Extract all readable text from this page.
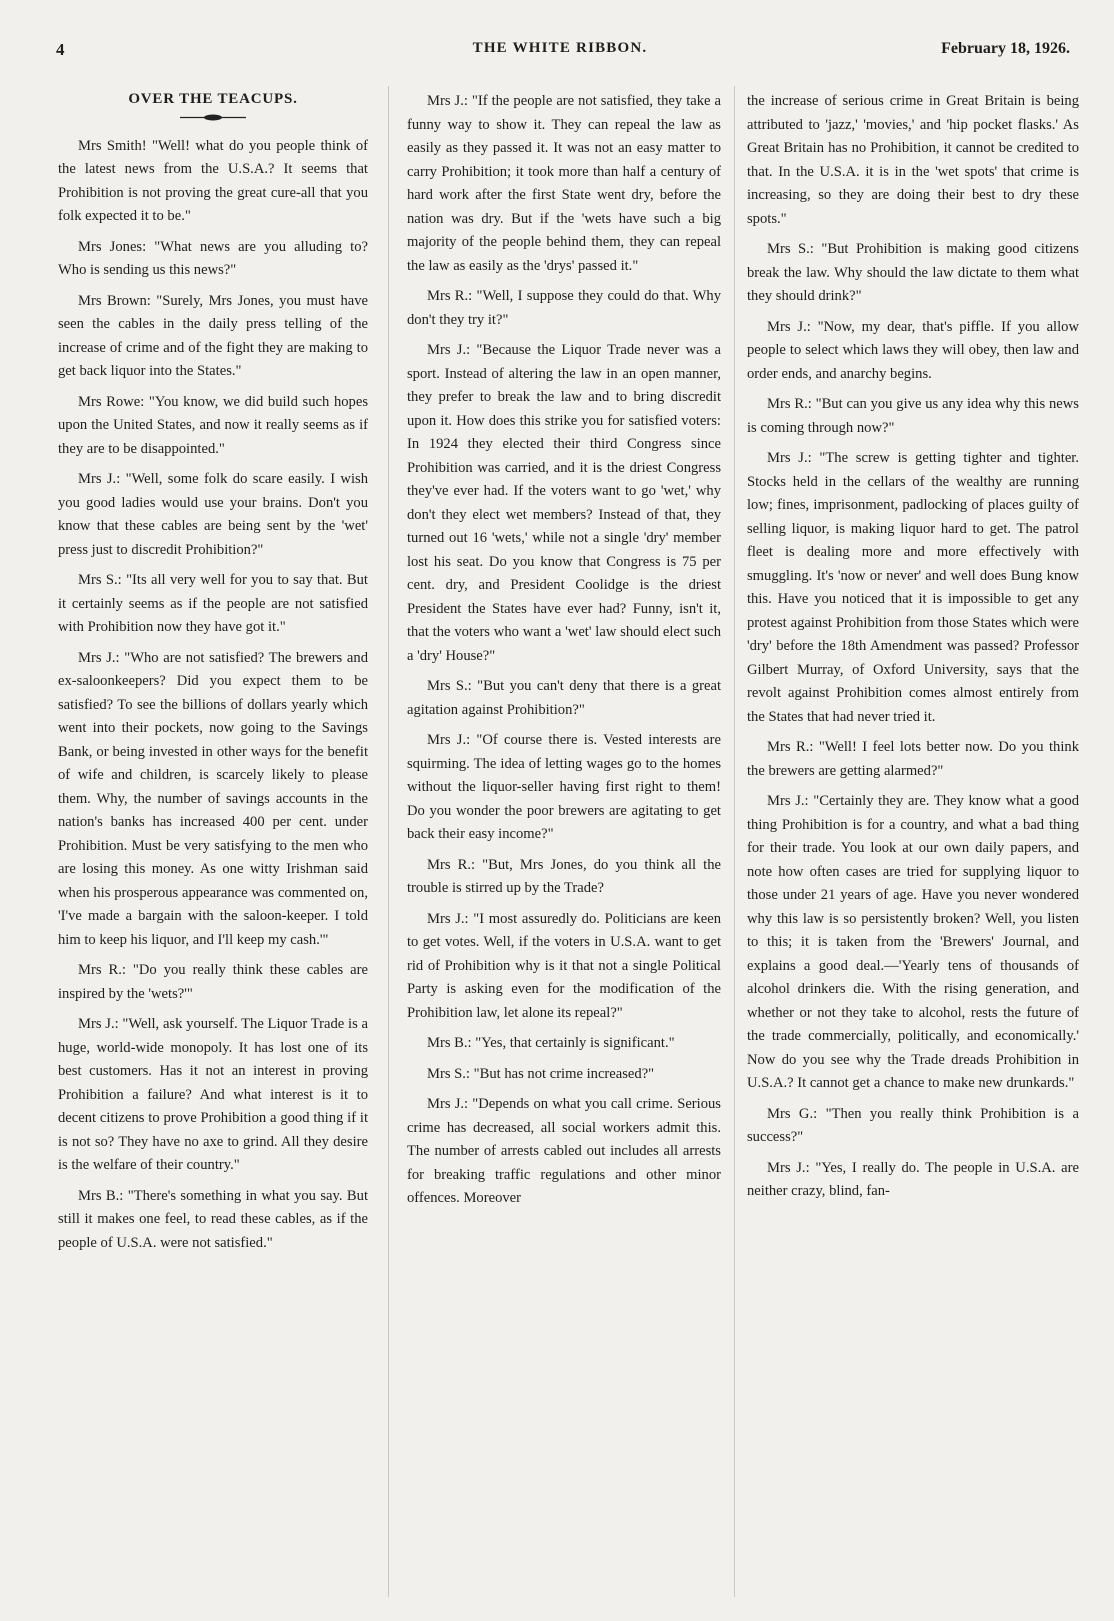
4	THE WHITE RIBBON.	February 18, 1926.
OVER THE TEACUPS.

Mrs Smith! "Well! what do you people think of the latest news from the U.S.A.? It seems that Prohibition is not proving the great cure-all that you folk expected it to be."

Mrs Jones: "What news are you alluding to? Who is sending us this news?"

Mrs Brown: "Surely, Mrs Jones, you must have seen the cables in the daily press telling of the increase of crime and of the fight they are making to get back liquor into the States."

Mrs Rowe: "You know, we did build such hopes upon the United States, and now it really seems as if they are to be disappointed."

Mrs J.: "Well, some folk do scare easily. I wish you good ladies would use your brains. Don't you know that these cables are being sent by the 'wet' press just to discredit Prohibition?"

Mrs S.: "Its all very well for you to say that. But it certainly seems as if the people are not satisfied with Prohibition now they have got it."

Mrs J.: "Who are not satisfied? The brewers and ex-saloonkeepers? Did you expect them to be satisfied? To see the billions of dollars yearly which went into their pockets, now going to the Savings Bank, or being invested in other ways for the benefit of wife and children, is scarcely likely to please them. Why, the number of savings accounts in the nation's banks has increased 400 per cent. under Prohibition. Must be very satisfying to the men who are losing this money. As one witty Irishman said when his prosperous appearance was commented on, 'I've made a bargain with the saloon-keeper. I told him to keep his liquor, and I'll keep my cash.'"

Mrs R.: "Do you really think these cables are inspired by the 'wets?'"

Mrs J.: "Well, ask yourself. The Liquor Trade is a huge, world-wide monopoly. It has lost one of its best customers. Has it not an interest in proving Prohibition a failure? And what interest is it to decent citizens to prove Prohibition a good thing if it is not so? They have no axe to grind. All they desire is the welfare of their country."

Mrs B.: "There's something in what you say. But still it makes one feel, to read these cables, as if the people of U.S.A. were not satisfied."

Mrs J.: "If the people are not satisfied, they take a funny way to show it. They can repeal the law as easily as they passed it. It was not an easy matter to carry Prohibition; it took more than half a century of hard work after the first State went dry, before the nation was dry. But if the 'wets have such a big majority of the people behind them, they can repeal the law as easily as the 'drys' passed it."

Mrs R.: "Well, I suppose they could do that. Why don't they try it?"

Mrs J.: "Because the Liquor Trade never was a sport. Instead of altering the law in an open manner, they prefer to break the law and to bring discredit upon it. How does this strike you for satisfied voters: In 1924 they elected their third Congress since Prohibition was carried, and it is the driest Congress they've ever had. If the voters want to go 'wet,' why don't they elect wet members? Instead of that, they turned out 16 'wets,' while not a single 'dry' member lost his seat. Do you know that Congress is 75 per cent. dry, and President Coolidge is the driest President the States have ever had? Funny, isn't it, that the voters who want a 'wet' law should elect such a 'dry' House?"

Mrs S.: "But you can't deny that there is a great agitation against Prohibition?"

Mrs J.: "Of course there is. Vested interests are squirming. The idea of letting wages go to the homes without the liquor-seller having first right to them! Do you wonder the poor brewers are agitating to get back their easy income?"

Mrs R.: "But, Mrs Jones, do you think all the trouble is stirred up by the Trade?

Mrs J.: "I most assuredly do. Politicians are keen to get votes. Well, if the voters in U.S.A. want to get rid of Prohibition why is it that not a single Political Party is asking even for the modification of the Prohibition law, let alone its repeal?"

Mrs B.: "Yes, that certainly is significant."

Mrs S.: "But has not crime increased?"

Mrs J.: "Depends on what you call crime. Serious crime has decreased, all social workers admit this. The number of arrests cabled out includes all arrests for breaking traffic regulations and other minor offences. Moreover

the increase of serious crime in Great Britain is being attributed to 'jazz,' 'movies,' and 'hip pocket flasks.' As Great Britain has no Prohibition, it cannot be credited to that. In the U.S.A. it is in the 'wet spots' that crime is increasing, so they are doing their best to dry these spots."

Mrs S.: "But Prohibition is making good citizens break the law. Why should the law dictate to them what they should drink?"

Mrs J.: "Now, my dear, that's piffle. If you allow people to select which laws they will obey, then law and order ends, and anarchy begins.

Mrs R.: "But can you give us any idea why this news is coming through now?"

Mrs J.: "The screw is getting tighter and tighter. Stocks held in the cellars of the wealthy are running low; fines, imprisonment, padlocking of places guilty of selling liquor, is making liquor hard to get. The patrol fleet is dealing more and more effectively with smuggling. It's 'now or never' and well does Bung know this. Have you noticed that it is impossible to get any protest against Prohibition from those States which were 'dry' before the 18th Amendment was passed? Professor Gilbert Murray, of Oxford University, says that the revolt against Prohibition comes almost entirely from the States that had never tried it.

Mrs R.: "Well! I feel lots better now. Do you think the brewers are getting alarmed?"

Mrs J.: "Certainly they are. They know what a good thing Prohibition is for a country, and what a bad thing for their trade. You look at our own daily papers, and note how often cases are tried for supplying liquor to those under 21 years of age. Have you never wondered why this law is so persistently broken? Well, you listen to this; it is taken from the 'Brewers' Journal, and explains a good deal.—'Yearly tens of thousands of alcohol drinkers die. With the rising generation, and whether or not they take to alcohol, rests the future of the trade commercially, politically, and economically.' Now do you see why the Trade dreads Prohibition in U.S.A.? It cannot get a chance to make new drunkards."

Mrs G.: "Then you really think Prohibition is a success?"

Mrs J.: "Yes, I really do. The people in U.S.A. are neither crazy, blind, fan-
